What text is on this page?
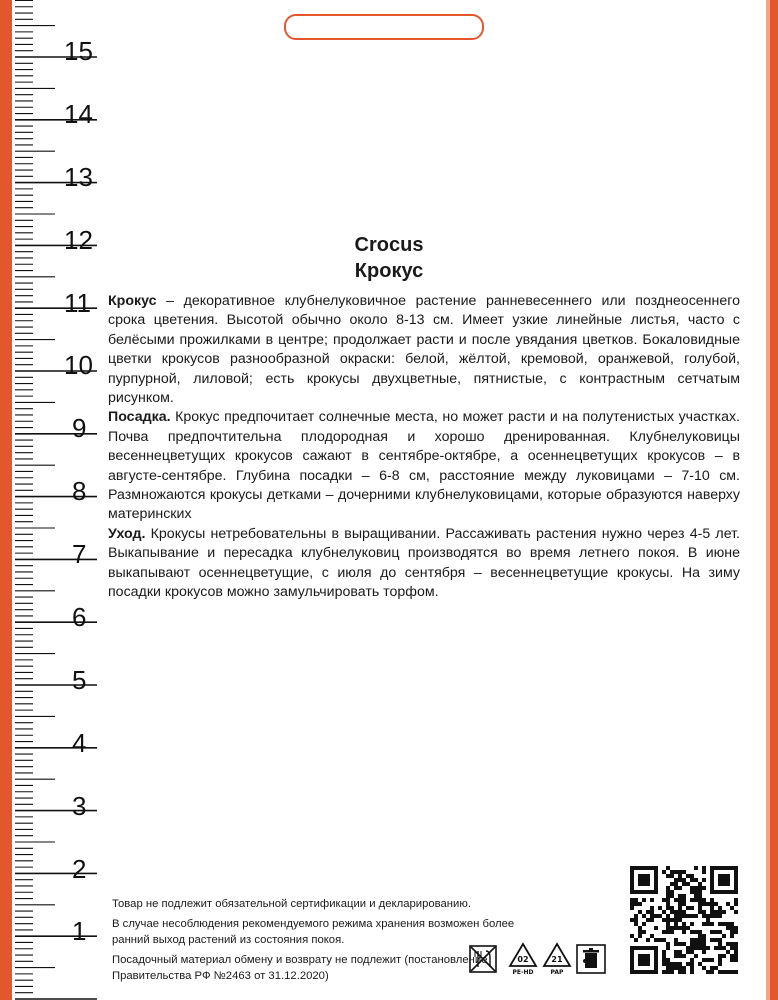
15
14
13
12
11
10
9
8
7
6
5
4
3
2
1
Crocus
Крокус

Крокус – декоративное клубнелуковичное растение ранневесеннего или позднеосеннего срока цветения. Высотой обычно около 8-13 см. Имеет узкие линейные листья, часто с белёсыми прожилками в центре; продолжает расти и после увядания цветков. Бокаловидные цветки крокусов разнообразной окраски: белой, жёлтой, кремовой, оранжевой, голубой, пурпурной, лиловой; есть крокусы двухцветные, пятнистые, с контрастным сетчатым рисунком.

Посадка. Крокус предпочитает солнечные места, но может расти и на полутенистых участках. Почва предпочтительна плодородная и хорошо дренированная. Клубнелуковицы весеннецветущих крокусов сажают в сентябре-октябре, а осеннецветущих крокусов – в августе-сентябре. Глубина посадки – 6-8 см, расстояние между луковицами – 7-10 см. Размножаются крокусы детками – дочерними клубнелуковицами, которые образуются наверху материнских

Уход. Крокусы нетребовательны в выращивании. Рассаживать растения нужно через 4-5 лет. Выкапывание и пересадка клубнелуковиц производятся во время летнего покоя. В июне выкапывают осеннецветущие, с июля до сентября – весеннецветущие крокусы. На зиму посадки крокусов можно замульчировать торфом.

Товар не подлежит обязательной сертификации и декларированию.

В случае несоблюдения рекомендуемого режима хранения возможен более ранний выход растений из состояния покоя.

Посадочный материал обмену и возврату не подлежит (постановление Правительства РФ №2463 от 31.12.2020)

02
PE-HD
21
PAP
